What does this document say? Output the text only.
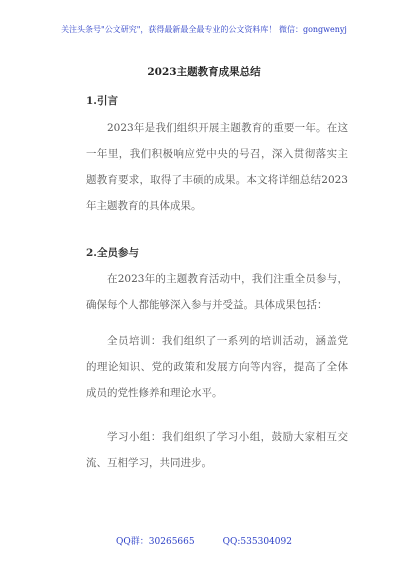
关注头条号"公文研究"，获得最新最全最专业的公文资料库！ 微信：gongwenyj
2023主题教育成果总结
1.引言

2023年是我们组织开展主题教育的重要一年。在这一年里，我们积极响应党中央的号召，深入贯彻落实主题教育要求，取得了丰硕的成果。本文将详细总结2023年主题教育的具体成果。

2.全员参与

在2023年的主题教育活动中，我们注重全员参与，确保每个人都能够深入参与并受益。具体成果包括：

全员培训：我们组织了一系列的培训活动，涵盖党的理论知识、党的政策和发展方向等内容，提高了全体成员的党性修养和理论水平。

学习小组：我们组织了学习小组，鼓励大家相互交流、互相学习，共同进步。

QQ群：30265665	QQ:535304092
